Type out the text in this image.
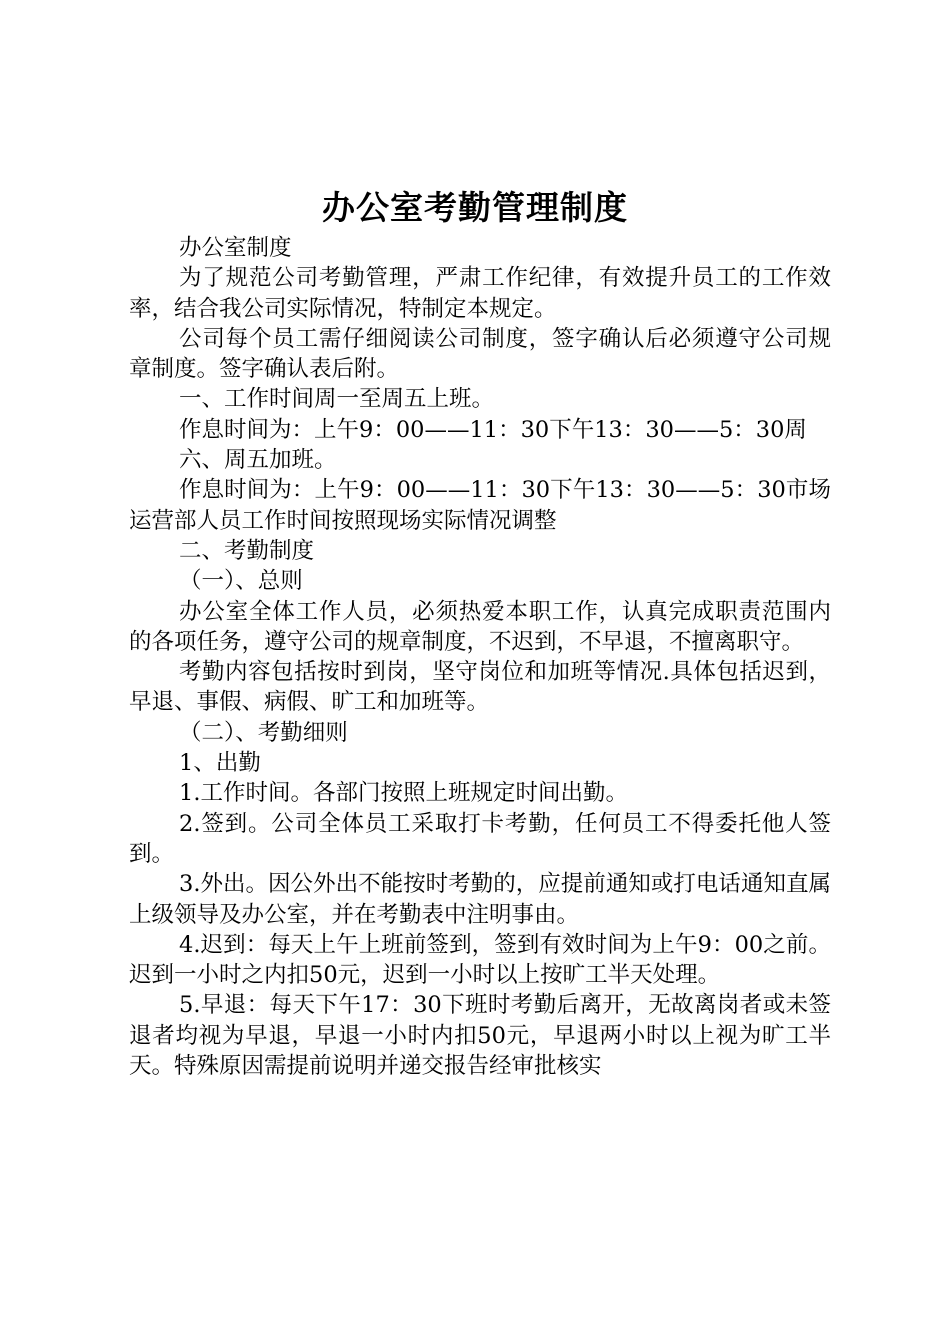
办公室考勤管理制度

办公室制度

为了规范公司考勤管理，严肃工作纪律，有效提升员工的工作效率，结合我公司实际情况，特制定本规定。

公司每个员工需仔细阅读公司制度，签字确认后必须遵守公司规章制度。签字确认表后附。

一、工作时间周一至周五上班。

作息时间为：上午9：00——11：30下午13：30——5：30周

六、周五加班。

作息时间为：上午9：00——11：30下午13：30——5：30市场运营部人员工作时间按照现场实际情况调整

二、考勤制度

（一）、总则

办公室全体工作人员，必须热爱本职工作，认真完成职责范围内的各项任务，遵守公司的规章制度，不迟到，不早退，不擅离职守。

考勤内容包括按时到岗，坚守岗位和加班等情况.具体包括迟到，早退、事假、病假、旷工和加班等。

（二）、考勤细则

1、出勤

1.工作时间。各部门按照上班规定时间出勤。

2.签到。公司全体员工采取打卡考勤，任何员工不得委托他人签到。

3.外出。因公外出不能按时考勤的，应提前通知或打电话通知直属上级领导及办公室，并在考勤表中注明事由。

4.迟到：每天上午上班前签到，签到有效时间为上午9：00之前。迟到一小时之内扣50元，迟到一小时以上按旷工半天处理。

5.早退：每天下午17：30下班时考勤后离开，无故离岗者或未签退者均视为早退，早退一小时内扣50元，早退两小时以上视为旷工半天。特殊原因需提前说明并递交报告经审批核实
